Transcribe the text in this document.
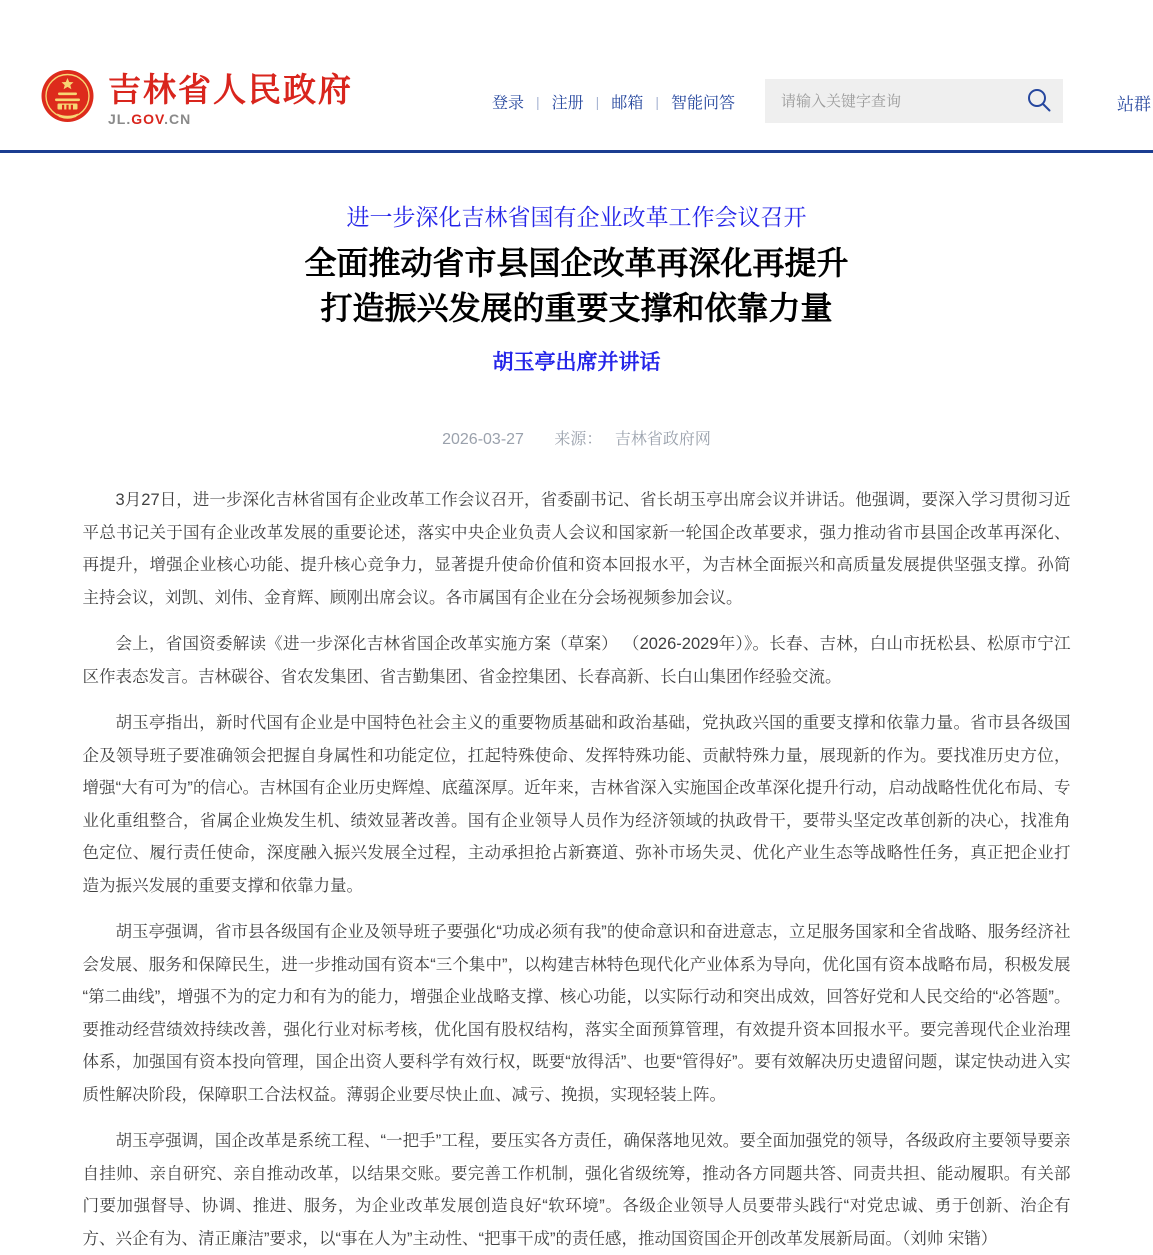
吉林省人民政府
JL.GOV.CN
登录 | 注册 | 邮箱 | 智能问答
请输入关键字查询	站群

进一步深化吉林省国有企业改革工作会议召开

全面推动省市县国企改革再深化再提升
打造振兴发展的重要支撑和依靠力量
胡玉亭出席并讲话
2026-03-27 来源： 吉林省政府网

3月27日，进一步深化吉林省国有企业改革工作会议召开，省委副书记、省长胡玉亭出席会议并讲话。他强调，要深入学习贯彻习近平总书记关于国有企业改革发展的重要论述，落实中央企业负责人会议和国家新一轮国企改革要求，强力推动省市县国企改革再深化、再提升，增强企业核心功能、提升核心竞争力，显著提升使命价值和资本回报水平，为吉林全面振兴和高质量发展提供坚强支撑。孙简主持会议，刘凯、刘伟、金育辉、顾刚出席会议。各市属国有企业在分会场视频参加会议。

会上，省国资委解读《进一步深化吉林省国企改革实施方案（草案） （2026-2029年）》。长春、吉林，白山市抚松县、松原市宁江区作表态发言。吉林碳谷、省农发集团、省吉勤集团、省金控集团、长春高新、长白山集团作经验交流。

胡玉亭指出，新时代国有企业是中国特色社会主义的重要物质基础和政治基础，党执政兴国的重要支撑和依靠力量。省市县各级国企及领导班子要准确领会把握自身属性和功能定位，扛起特殊使命、发挥特殊功能、贡献特殊力量，展现新的作为。要找准历史方位，增强“大有可为”的信心。吉林国有企业历史辉煌、底蕴深厚。近年来，吉林省深入实施国企改革深化提升行动，启动战略性优化布局、专业化重组整合，省属企业焕发生机、绩效显著改善。国有企业领导人员作为经济领域的执政骨干，要带头坚定改革创新的决心，找准角色定位、履行责任使命，深度融入振兴发展全过程，主动承担抢占新赛道、弥补市场失灵、优化产业生态等战略性任务，真正把企业打造为振兴发展的重要支撑和依靠力量。

胡玉亭强调，省市县各级国有企业及领导班子要强化“功成必须有我”的使命意识和奋进意志，立足服务国家和全省战略、服务经济社会发展、服务和保障民生，进一步推动国有资本“三个集中”，以构建吉林特色现代化产业体系为导向，优化国有资本战略布局，积极发展“第二曲线”，增强不为的定力和有为的能力，增强企业战略支撑、核心功能，以实际行动和突出成效，回答好党和人民交给的“必答题”。要推动经营绩效持续改善，强化行业对标考核，优化国有股权结构，落实全面预算管理，有效提升资本回报水平。要完善现代企业治理体系，加强国有资本投向管理，国企出资人要科学有效行权，既要“放得活”、也要“管得好”。要有效解决历史遗留问题，谋定快动进入实质性解决阶段，保障职工合法权益。薄弱企业要尽快止血、减亏、挽损，实现轻装上阵。

胡玉亭强调，国企改革是系统工程、“一把手”工程，要压实各方责任，确保落地见效。要全面加强党的领导，各级政府主要领导要亲自挂帅、亲自研究、亲自推动改革，以结果交账。要完善工作机制，强化省级统筹，推动各方同题共答、同责共担、能动履职。有关部门要加强督导、协调、推进、服务，为企业改革发展创造良好“软环境”。各级企业领导人员要带头践行“对党忠诚、勇于创新、治企有方、兴企有为、清正廉洁”要求，以“事在人为”主动性、“把事干成”的责任感，推动国资国企开创改革发展新局面。（刘帅 宋锴）
